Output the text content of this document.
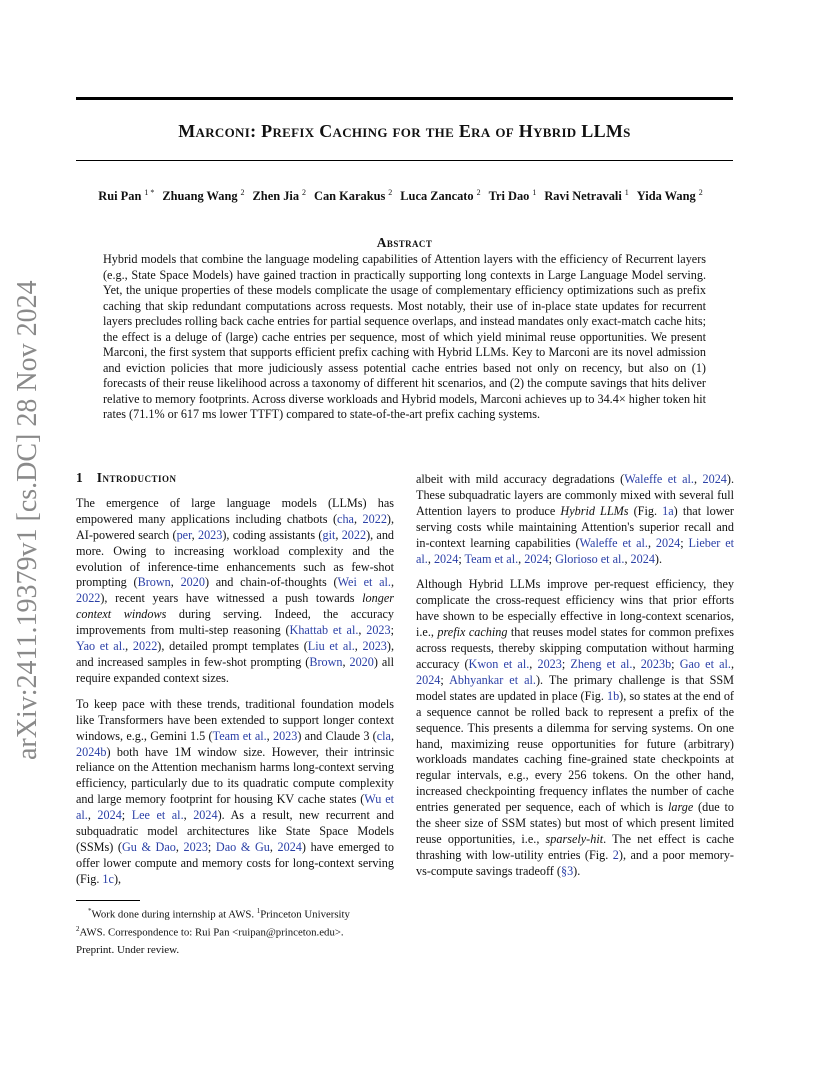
arXiv:2411.19379v1 [cs.DC] 28 Nov 2024
Marconi: Prefix Caching for the Era of Hybrid LLMs
Rui Pan $^{1 *}$ Zhuang Wang $^2$ Zhen Jia $^2$ Can Karakus $^2$ Luca Zancato $^2$ Tri Dao $^1$ Ravi Netravali $^1$ Yida Wang $^2$
Abstract
Hybrid models that combine the language modeling capabilities of Attention layers with the efficiency of Recurrent layers (e.g., State Space Models) have gained traction in practically supporting long contexts in Large Language Model serving. Yet, the unique properties of these models complicate the usage of complementary efficiency optimizations such as prefix caching that skip redundant computations across requests. Most notably, their use of in-place state updates for recurrent layers precludes rolling back cache entries for partial sequence overlaps, and instead mandates only exact-match cache hits; the effect is a deluge of (large) cache entries per sequence, most of which yield minimal reuse opportunities. We present Marconi, the first system that supports efficient prefix caching with Hybrid LLMs. Key to Marconi are its novel admission and eviction policies that more judiciously assess potential cache entries based not only on recency, but also on (1) forecasts of their reuse likelihood across a taxonomy of different hit scenarios, and (2) the compute savings that hits deliver relative to memory footprints. Across diverse workloads and Hybrid models, Marconi achieves up to 34.4× higher token hit rates (71.1% or 617 ms lower TTFT) compared to state-of-the-art prefix caching systems.
1 Introduction

The emergence of large language models (LLMs) has empowered many applications including chatbots (cha, 2022), AI-powered search (per, 2023), coding assistants (git, 2022), and more. Owing to increasing workload complexity and the evolution of inference-time enhancements such as few-shot prompting (Brown, 2020) and chain-of-thoughts (Wei et al., 2022), recent years have witnessed a push towards longer context windows during serving. Indeed, the accuracy improvements from multi-step reasoning (Khattab et al., 2023; Yao et al., 2022), detailed prompt templates (Liu et al., 2023), and increased samples in few-shot prompting (Brown, 2020) all require expanded context sizes.

To keep pace with these trends, traditional foundation models like Transformers have been extended to support longer context windows, e.g., Gemini 1.5 (Team et al., 2023) and Claude 3 (cla, 2024b) both have 1M window size. However, their intrinsic reliance on the Attention mechanism harms long-context serving efficiency, particularly due to its quadratic compute complexity and large memory footprint for housing KV cache states (Wu et al., 2024; Lee et al., 2024). As a result, new recurrent and subquadratic model architectures like State Space Models (SSMs) (Gu & Dao, 2023; Dao & Gu, 2024) have emerged to offer lower compute and memory costs for long-context serving (Fig. 1c),

albeit with mild accuracy degradations (Waleffe et al., 2024). These subquadratic layers are commonly mixed with several full Attention layers to produce Hybrid LLMs (Fig. 1a) that lower serving costs while maintaining Attention's superior recall and in-context learning capabilities (Waleffe et al., 2024; Lieber et al., 2024; Team et al., 2024; Glorioso et al., 2024).

Although Hybrid LLMs improve per-request efficiency, they complicate the cross-request efficiency wins that prior efforts have shown to be especially effective in long-context scenarios, i.e., prefix caching that reuses model states for common prefixes across requests, thereby skipping computation without harming accuracy (Kwon et al., 2023; Zheng et al., 2023b; Gao et al., 2024; Abhyankar et al.). The primary challenge is that SSM model states are updated in place (Fig. 1b), so states at the end of a sequence cannot be rolled back to represent a prefix of the sequence. This presents a dilemma for serving systems. On one hand, maximizing reuse opportunities for future (arbitrary) workloads mandates caching fine-grained state checkpoints at regular intervals, e.g., every 256 tokens. On the other hand, increased checkpointing frequency inflates the number of cache entries generated per sequence, each of which is large (due to the sheer size of SSM states) but most of which present limited reuse opportunities, i.e., sparsely-hit. The net effect is cache thrashing with low-utility entries (Fig. 2), and a poor memory-vs-compute savings tradeoff (§3).

*Work done during internship at AWS. $^1$Princeton University
$^2$AWS. Correspondence to: Rui Pan <ruipan@princeton.edu>.
Preprint. Under review.
